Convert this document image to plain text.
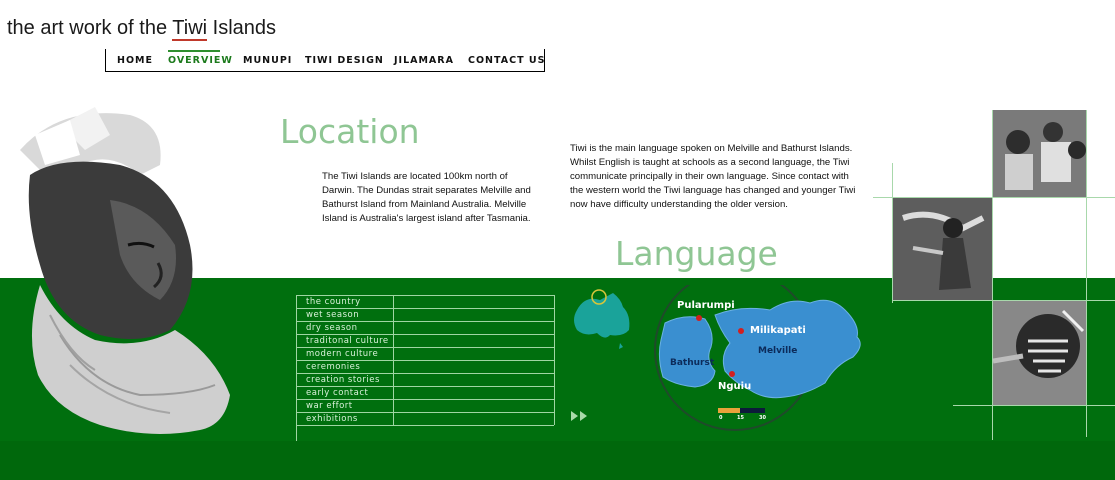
the art work of the Tiwi Islands
HOME OVERVIEW MUNUPI TIWI DESIGN JILAMARA CONTACT US
Location
The Tiwi Islands are located 100km north of Darwin. The Dundas strait separates Melville and Bathurst Island from Mainland Australia. Melville Island is Australia's largest island after Tasmania.
Tiwi is the main language spoken on Melville and Bathurst Islands. Whilst English is taught at schools as a second language, the Tiwi communicate principally in their own language. Since contact with the western world the Tiwi language has changed and younger Tiwi now have difficulty understanding the older version.
Language
the country
wet season
dry season
traditonal culture
modern culture
ceremonies
creation stories
early contact
war effort
exhibitions
Pularumpi
Milikapati
Melville
Bathurst
Nguiu
0	15	30
